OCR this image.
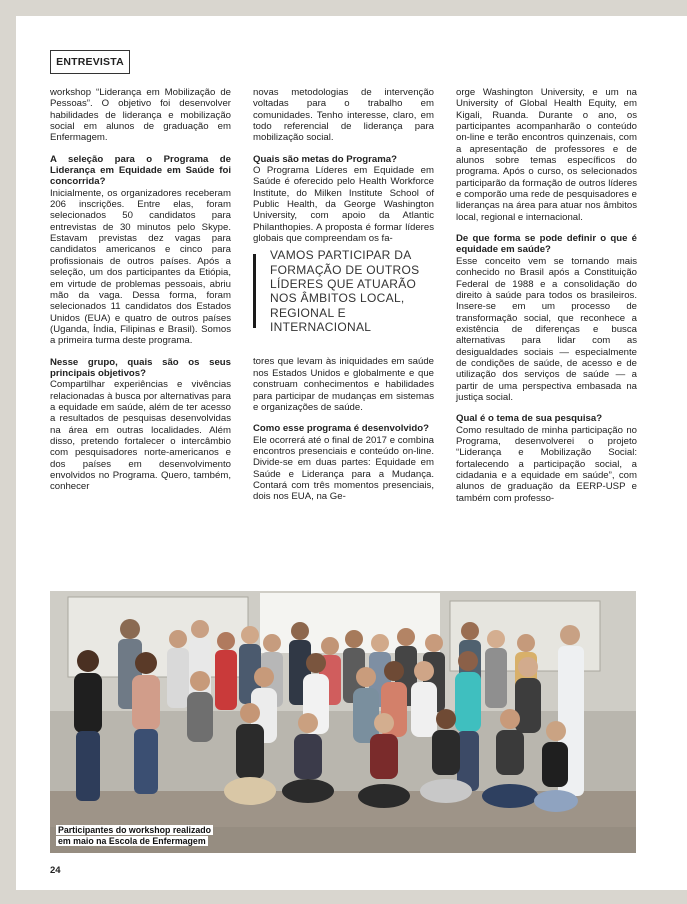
ENTREVISTA

workshop “Liderança em Mobilização de Pessoas”. O objetivo foi desenvolver habilidades de liderança e mobilização social em alunos de graduação em Enfermagem.

A seleção para o Programa de Liderança em Equidade em Saúde foi concorrida?

Inicialmente, os organizadores receberam 206 inscrições. Entre elas, foram selecionados 50 candidatos para entrevistas de 30 minutos pelo Skype. Estavam previstas dez vagas para candidatos americanos e cinco para profissionais de outros países. Após a seleção, um dos participantes da Etiópia, em virtude de problemas pessoais, abriu mão da vaga. Dessa forma, foram selecionados 11 candidatos dos Estados Unidos (EUA) e quatro de outros países (Uganda, Índia, Filipinas e Brasil). Somos a primeira turma deste programa.

Nesse grupo, quais são os seus principais objetivos?

Compartilhar experiências e vivências relacionadas à busca por alternativas para a equidade em saúde, além de ter acesso a resultados de pesquisas desenvolvidas na área em outras localidades. Além disso, pretendo fortalecer o intercâmbio com pesquisadores norte-americanos e dos países em desenvolvimento envolvidos no Programa. Quero, também, conhecer

novas metodologias de intervenção voltadas para o trabalho em comunidades. Tenho interesse, claro, em todo referencial de liderança para mobilização social.

Quais são metas do Programa?

O Programa Líderes em Equidade em Saúde é oferecido pelo Health Workforce Institute, do Milken Institute School of Public Health, da George Washington University, com apoio da Atlantic Philanthopies. A proposta é formar líderes globais que compreendam os fa-

VAMOS PARTICIPAR DA FORMAÇÃO DE OUTROS LÍDERES QUE ATUARÃO NOS ÂMBITOS LOCAL, REGIONAL E INTERNACIONAL

tores que levam às iniquidades em saúde nos Estados Unidos e globalmente e que construam conhecimentos e habilidades para participar de mudanças em sistemas e organizações de saúde.

Como esse programa é desenvolvido?

Ele ocorrerá até o final de 2017 e combina encontros presenciais e conteúdo on-line. Divide-se em duas partes: Equidade em Saúde e Liderança para a Mudança. Contará com três momentos presenciais, dois nos EUA, na Ge-

orge Washington University, e um na University of Global Health Equity, em Kigali, Ruanda. Durante o ano, os participantes acompanharão o conteúdo on-line e terão encontros quinzenais, com a apresentação de professores e de alunos sobre temas específicos do programa. Após o curso, os selecionados participarão da formação de outros líderes e comporão uma rede de pesquisadores e lideranças na área para atuar nos âmbitos local, regional e internacional.

De que forma se pode definir o que é equidade em saúde?

Esse conceito vem se tornando mais conhecido no Brasil após a Constituição Federal de 1988 e a consolidação do direito à saúde para todos os brasileiros. Insere-se em um processo de transformação social, que reconhece a existência de diferenças e busca alternativas para lidar com as desigualdades sociais — especialmente de condições de saúde, de acesso e de utilização dos serviços de saúde — a partir de uma perspectiva embasada na justiça social.

Qual é o tema de sua pesquisa?

Como resultado de minha participação no Programa, desenvolverei o projeto “Liderança e Mobilização Social: fortalecendo a participação social, a cidadania e a equidade em saúde”, com alunos de graduação da EERP-USP e também com professo-

Participantes do workshop realizado
em maio na Escola de Enfermagem
24
